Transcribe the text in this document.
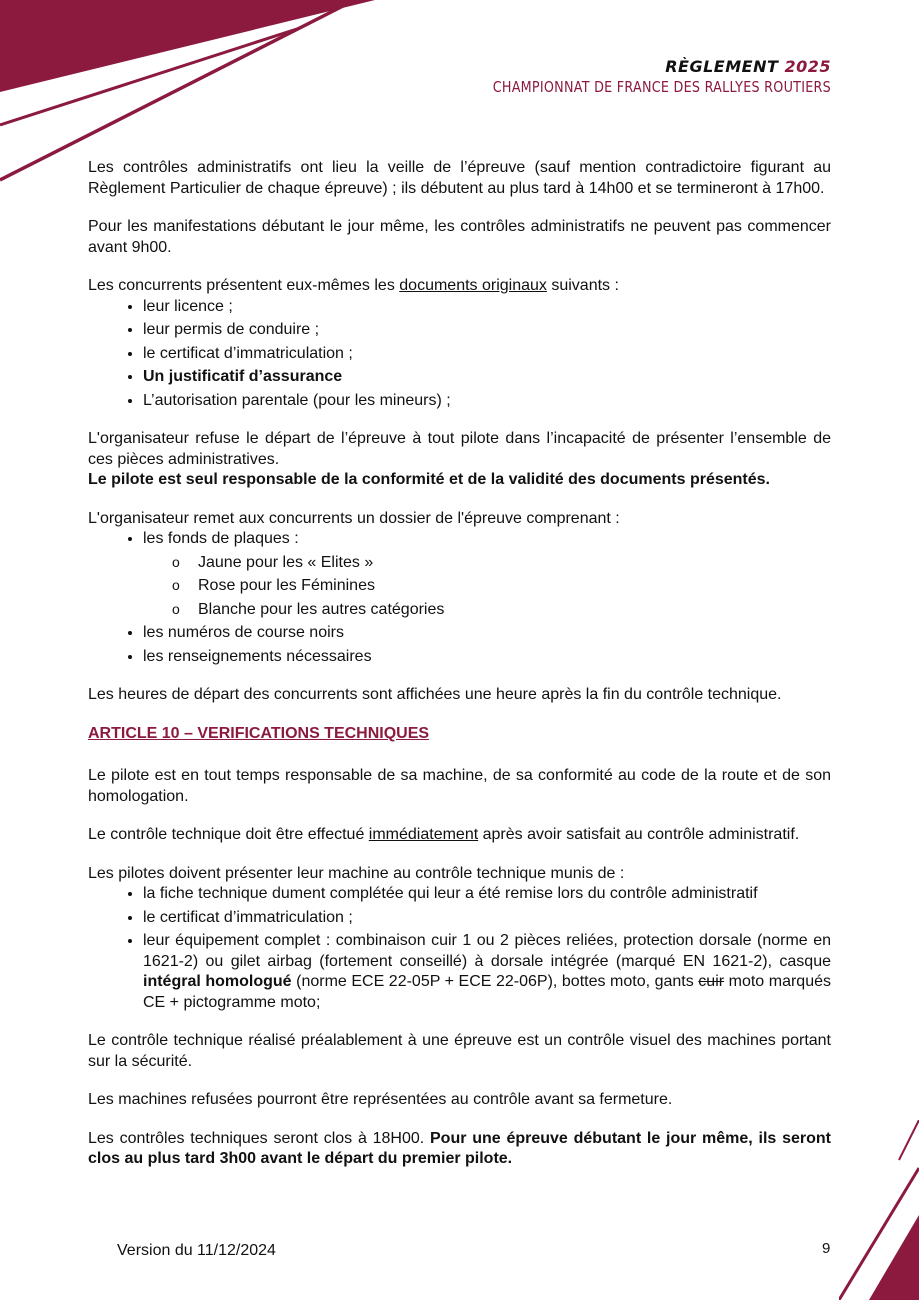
RÈGLEMENT 2025
CHAMPIONNAT DE FRANCE DES RALLYES ROUTIERS

Les contrôles administratifs ont lieu la veille de l’épreuve (sauf mention contradictoire figurant au Règlement Particulier de chaque épreuve) ; ils débutent au plus tard à 14h00 et se termineront à 17h00.

Pour les manifestations débutant le jour même, les contrôles administratifs ne peuvent pas commencer avant 9h00.

Les concurrents présentent eux-mêmes les documents originaux suivants :

• leur licence ;
• leur permis de conduire ;
• le certificat d’immatriculation ;
• Un justificatif d’assurance
• L’autorisation parentale (pour les mineurs) ;

L'organisateur refuse le départ de l’épreuve à tout pilote dans l’incapacité de présenter l’ensemble de ces pièces administratives.

Le pilote est seul responsable de la conformité et de la validité des documents présentés.

L'organisateur remet aux concurrents un dossier de l'épreuve comprenant :

• les fonds de plaques :
o Jaune pour les « Elites »
o Rose pour les Féminines
o Blanche pour les autres catégories
• les numéros de course noirs
• les renseignements nécessaires

Les heures de départ des concurrents sont affichées une heure après la fin du contrôle technique.

ARTICLE 10 – VERIFICATIONS TECHNIQUES

Le pilote est en tout temps responsable de sa machine, de sa conformité au code de la route et de son homologation.

Le contrôle technique doit être effectué immédiatement après avoir satisfait au contrôle administratif.

Les pilotes doivent présenter leur machine au contrôle technique munis de :

• la fiche technique dument complétée qui leur a été remise lors du contrôle administratif
• le certificat d’immatriculation ;
• leur équipement complet : combinaison cuir 1 ou 2 pièces reliées, protection dorsale (norme en 1621-2) ou gilet airbag (fortement conseillé) à dorsale intégrée (marqué EN 1621-2), casque intégral homologué (norme ECE 22-05P + ECE 22-06P), bottes moto, gants cuir moto marqués CE + pictogramme moto;

Le contrôle technique réalisé préalablement à une épreuve est un contrôle visuel des machines portant sur la sécurité.

Les machines refusées pourront être représentées au contrôle avant sa fermeture.

Les contrôles techniques seront clos à 18H00. Pour une épreuve débutant le jour même, ils seront clos au plus tard 3h00 avant le départ du premier pilote.

Version du 11/12/2024	9
